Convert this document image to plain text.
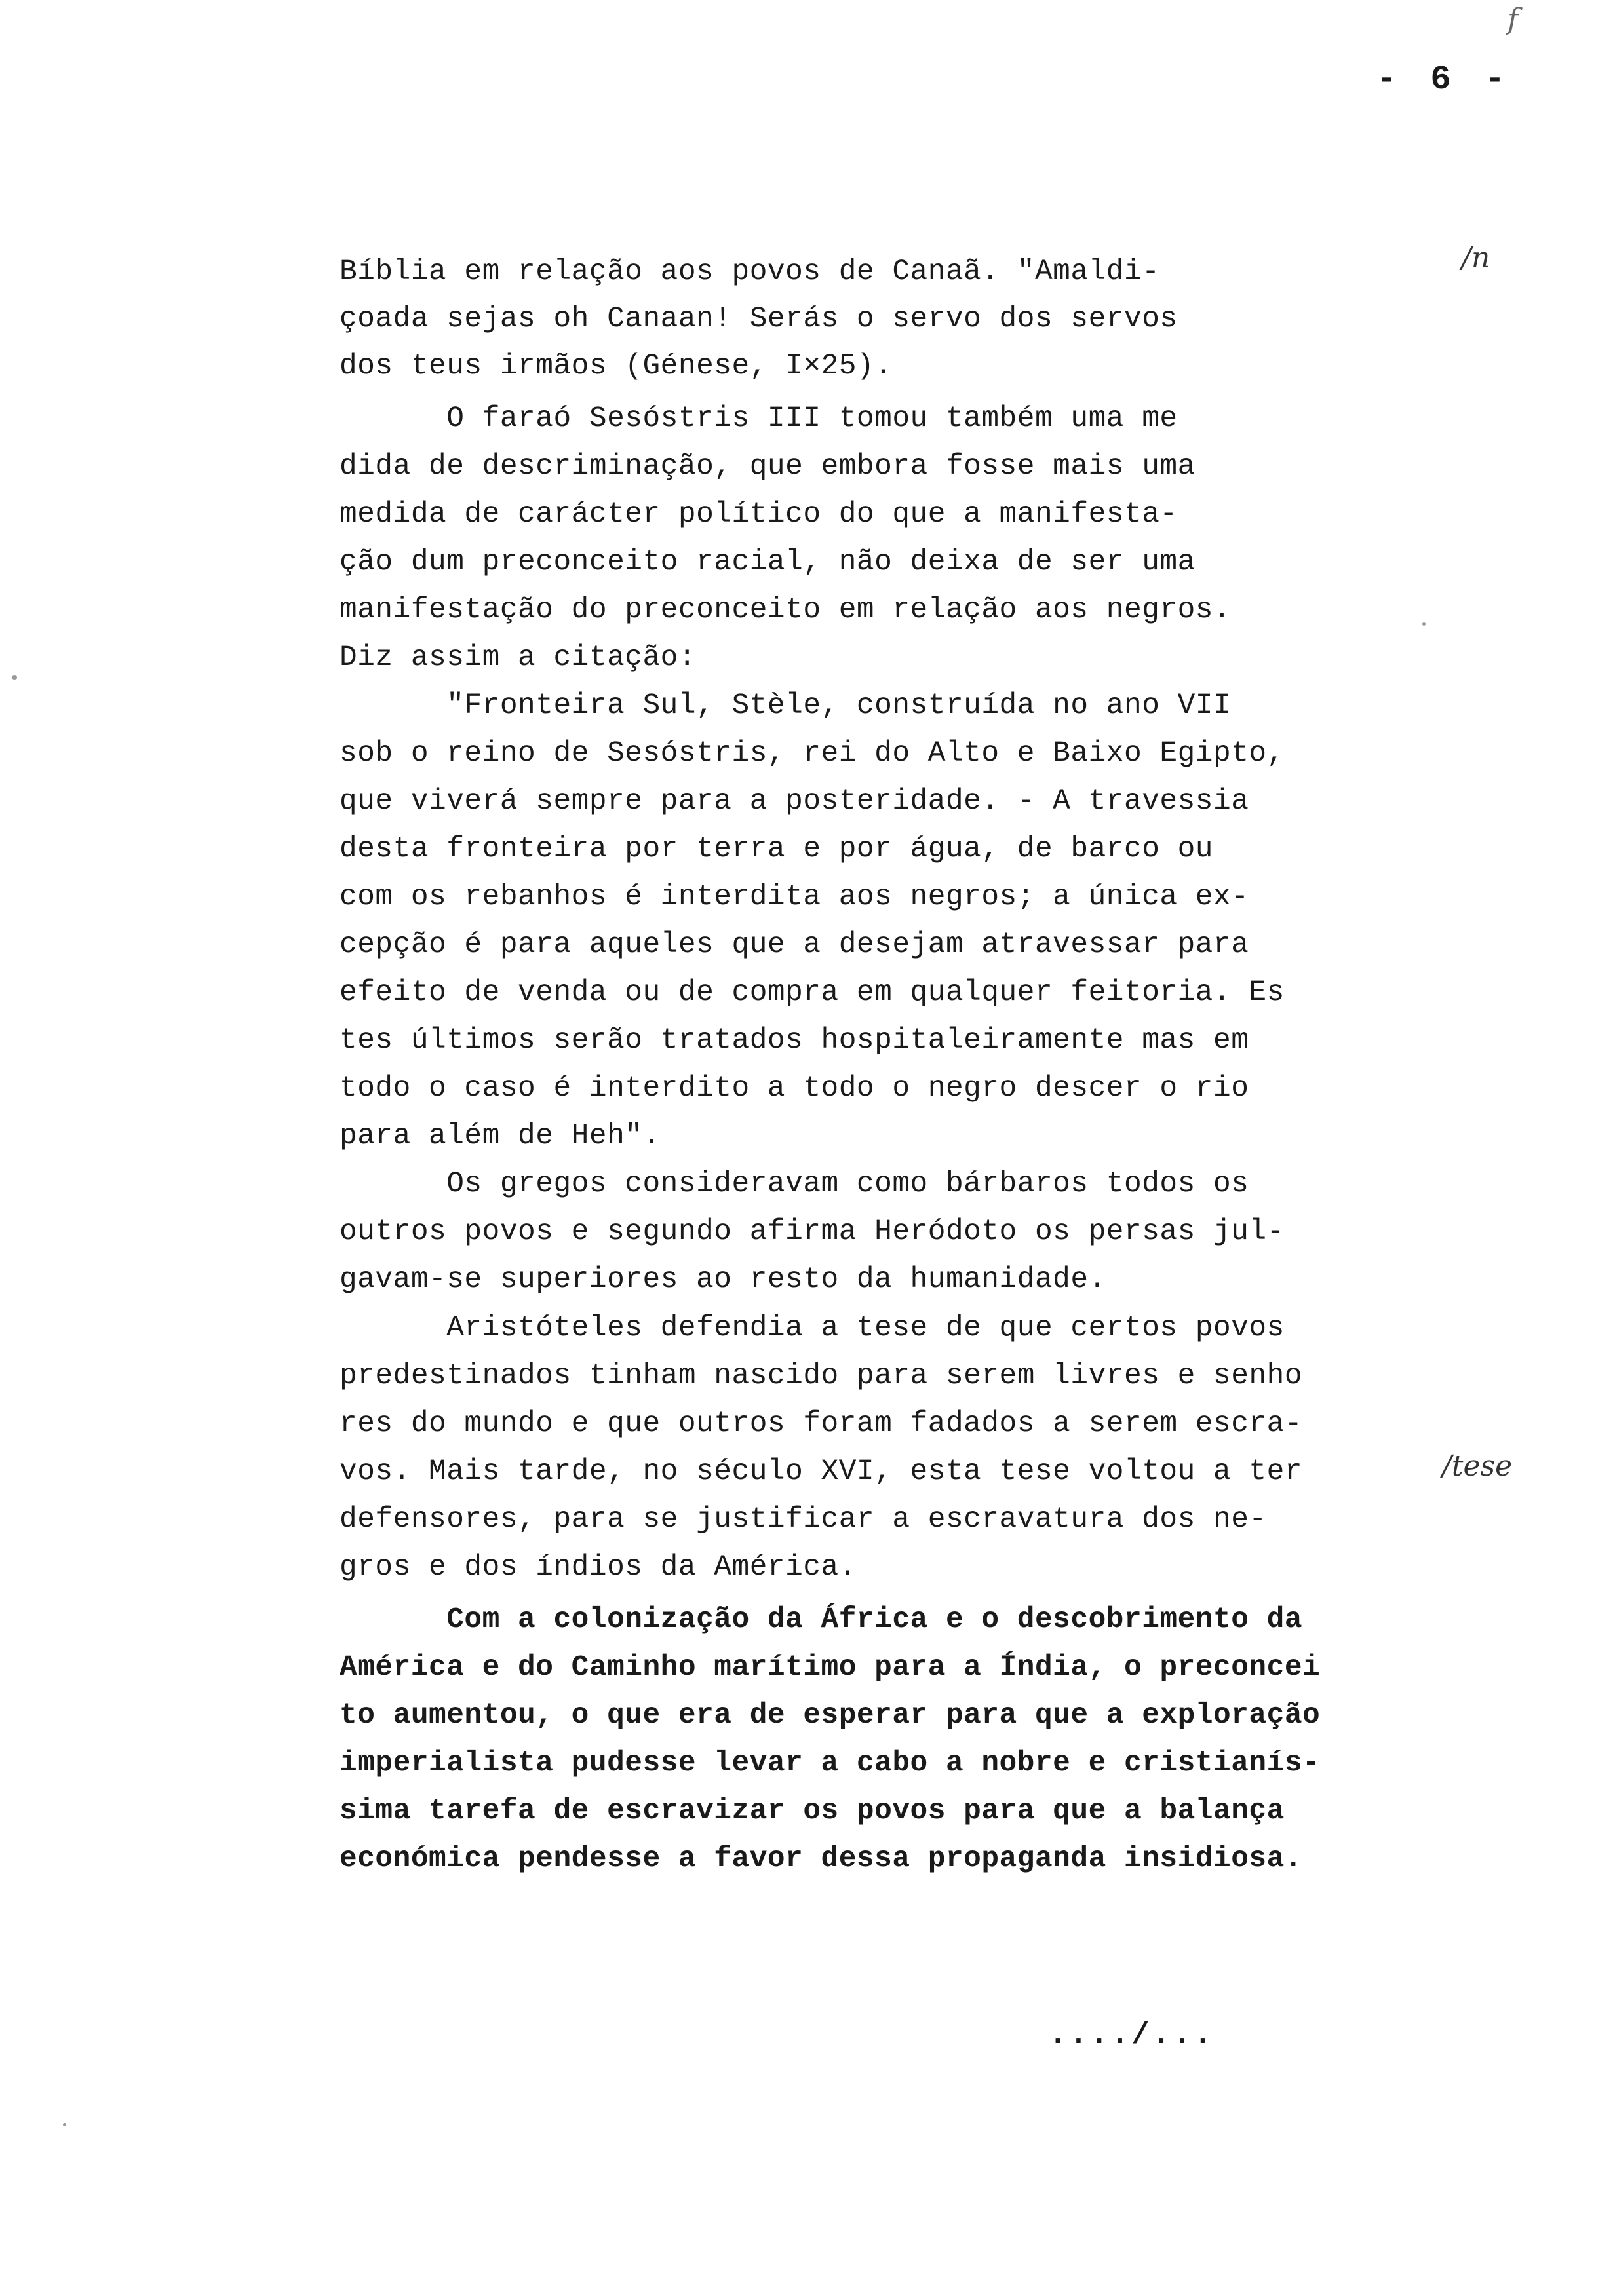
f
- 6 -
Bíblia em relação aos povos de Canaã. "Amaldi-
çoada sejas oh Canaan! Serás o servo dos servos
dos teus irmãos (Génese, I×25).
O faraó Sesóstris III tomou também uma me
dida de descriminação, que embora fosse mais uma
medida de carácter político do que a manifesta-
ção dum preconceito racial, não deixa de ser uma
manifestação do preconceito em relação aos negros.
Diz assim a citação:
"Fronteira Sul, Stèle, construída no ano VII
sob o reino de Sesóstris, rei do Alto e Baixo Egipto,
que viverá sempre para a posteridade. - A travessia
desta fronteira por terra e por água, de barco ou
com os rebanhos é interdita aos negros; a única ex-
cepção é para aqueles que a desejam atravessar para
efeito de venda ou de compra em qualquer feitoria. Es
tes últimos serão tratados hospitaleiramente mas em
todo o caso é interdito a todo o negro descer o rio
para além de Heh".
Os gregos consideravam como bárbaros todos os
outros povos e segundo afirma Heródoto os persas jul-
gavam-se superiores ao resto da humanidade.
Aristóteles defendia a tese de que certos povos
predestinados tinham nascido para serem livres e senho
res do mundo e que outros foram fadados a serem escra-
vos. Mais tarde, no século XVI, esta tese voltou a ter
defensores, para se justificar a escravatura dos ne-
gros e dos índios da América.
Com a colonização da África e o descobrimento da
América e do Caminho marítimo para a Índia, o preconcei
to aumentou, o que era de esperar para que a exploração
imperialista pudesse levar a cabo a nobre e cristianís-
sima tarefa de escravizar os povos para que a balança
económica pendesse a favor dessa propaganda insidiosa.
/n
/tese
..../...
